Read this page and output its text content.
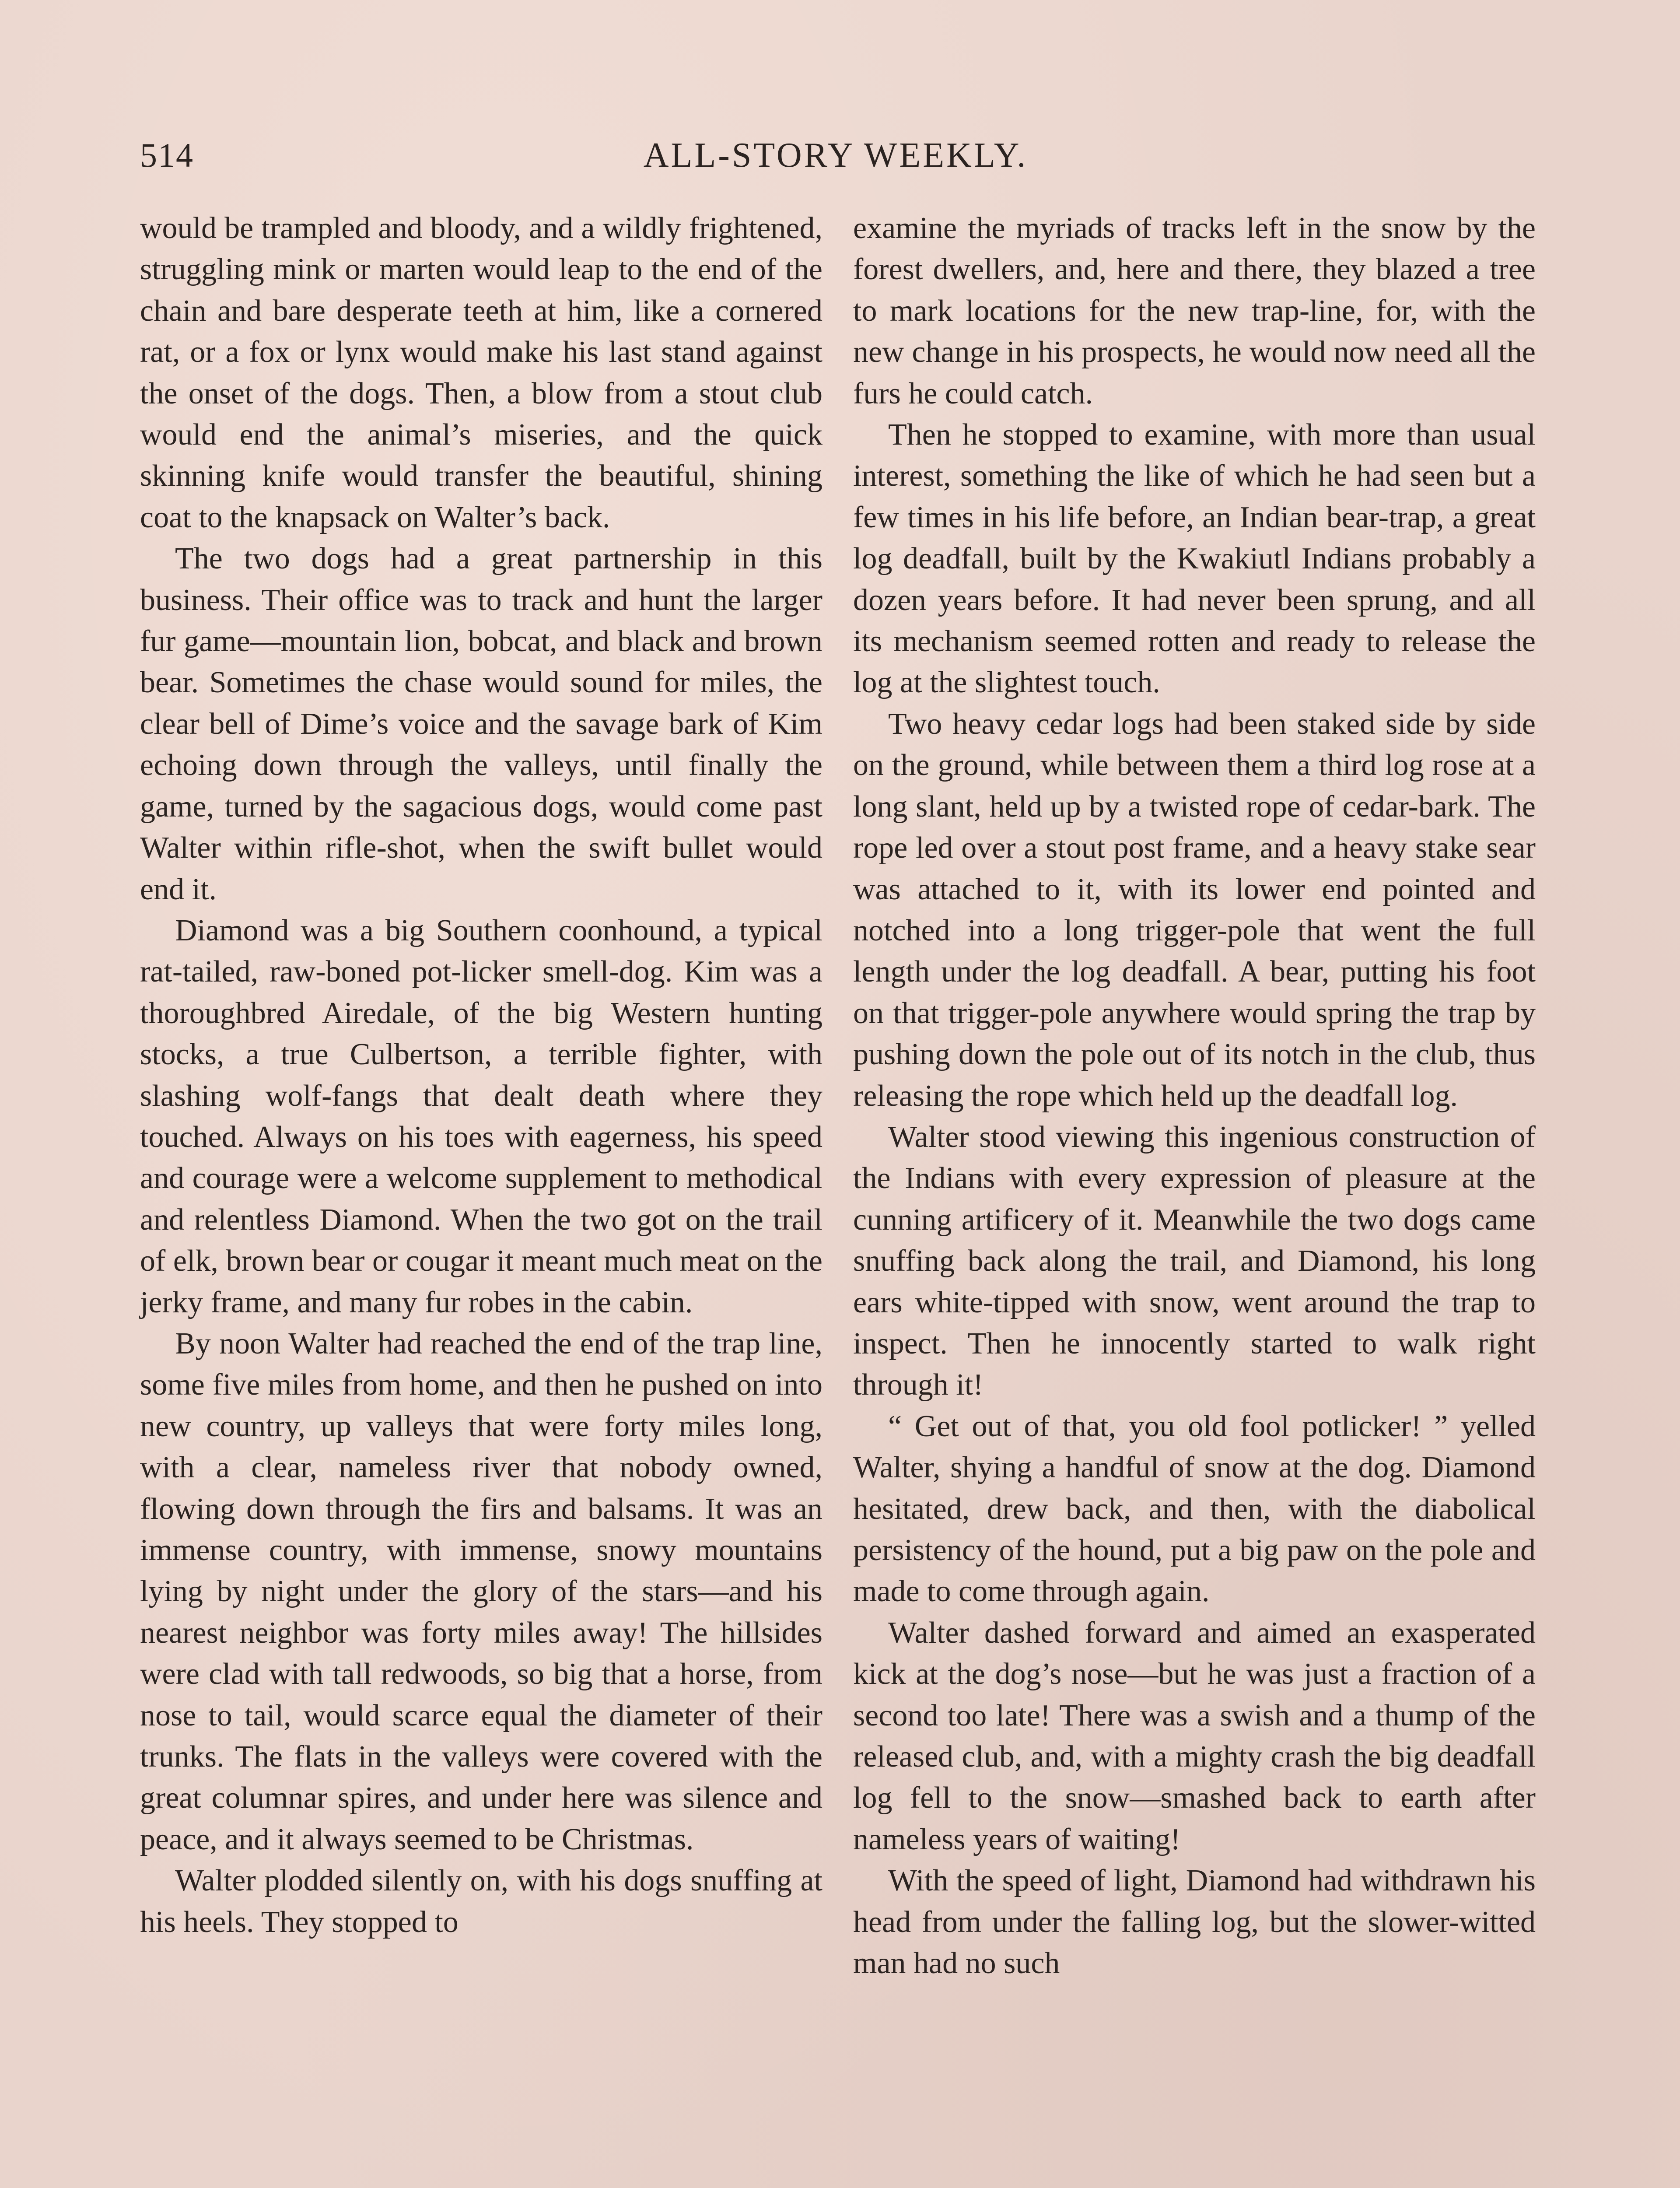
514	ALL-STORY WEEKLY.

would be trampled and bloody, and a wildly frightened, struggling mink or marten would leap to the end of the chain and bare desperate teeth at him, like a cornered rat, or a fox or lynx would make his last stand against the onset of the dogs. Then, a blow from a stout club would end the animal’s miseries, and the quick skinning knife would transfer the beautiful, shining coat to the knapsack on Walter’s back.

The two dogs had a great partnership in this business. Their office was to track and hunt the larger fur game—mountain lion, bobcat, and black and brown bear. Sometimes the chase would sound for miles, the clear bell of Dime’s voice and the savage bark of Kim echoing down through the valleys, until finally the game, turned by the sagacious dogs, would come past Walter within rifle-shot, when the swift bullet would end it.

Diamond was a big Southern coonhound, a typical rat-tailed, raw-boned pot-licker smell-dog. Kim was a thoroughbred Airedale, of the big Western hunting stocks, a true Culbertson, a terrible fighter, with slashing wolf-fangs that dealt death where they touched. Always on his toes with eagerness, his speed and courage were a welcome supplement to methodical and relentless Diamond. When the two got on the trail of elk, brown bear or cougar it meant much meat on the jerky frame, and many fur robes in the cabin.

By noon Walter had reached the end of the trap line, some five miles from home, and then he pushed on into new country, up valleys that were forty miles long, with a clear, nameless river that nobody owned, flowing down through the firs and balsams. It was an immense country, with immense, snowy mountains lying by night under the glory of the stars—and his nearest neighbor was forty miles away! The hillsides were clad with tall redwoods, so big that a horse, from nose to tail, would scarce equal the diameter of their trunks. The flats in the valleys were covered with the great columnar spires, and under here was silence and peace, and it always seemed to be Christmas.

Walter plodded silently on, with his dogs snuffing at his heels. They stopped to

examine the myriads of tracks left in the snow by the forest dwellers, and, here and there, they blazed a tree to mark locations for the new trap-line, for, with the new change in his prospects, he would now need all the furs he could catch.

Then he stopped to examine, with more than usual interest, something the like of which he had seen but a few times in his life before, an Indian bear-trap, a great log deadfall, built by the Kwakiutl Indians probably a dozen years before. It had never been sprung, and all its mechanism seemed rotten and ready to release the log at the slightest touch.

Two heavy cedar logs had been staked side by side on the ground, while between them a third log rose at a long slant, held up by a twisted rope of cedar-bark. The rope led over a stout post frame, and a heavy stake sear was attached to it, with its lower end pointed and notched into a long trigger-pole that went the full length under the log deadfall. A bear, putting his foot on that trigger-pole anywhere would spring the trap by pushing down the pole out of its notch in the club, thus releasing the rope which held up the deadfall log.

Walter stood viewing this ingenious construction of the Indians with every expression of pleasure at the cunning artificery of it. Meanwhile the two dogs came snuffing back along the trail, and Diamond, his long ears white-tipped with snow, went around the trap to inspect. Then he innocently started to walk right through it!

“ Get out of that, you old fool potlicker! ” yelled Walter, shying a handful of snow at the dog. Diamond hesitated, drew back, and then, with the diabolical persistency of the hound, put a big paw on the pole and made to come through again.

Walter dashed forward and aimed an exasperated kick at the dog’s nose—but he was just a fraction of a second too late! There was a swish and a thump of the released club, and, with a mighty crash the big deadfall log fell to the snow—smashed back to earth after nameless years of waiting!

With the speed of light, Diamond had withdrawn his head from under the falling log, but the slower-witted man had no such
